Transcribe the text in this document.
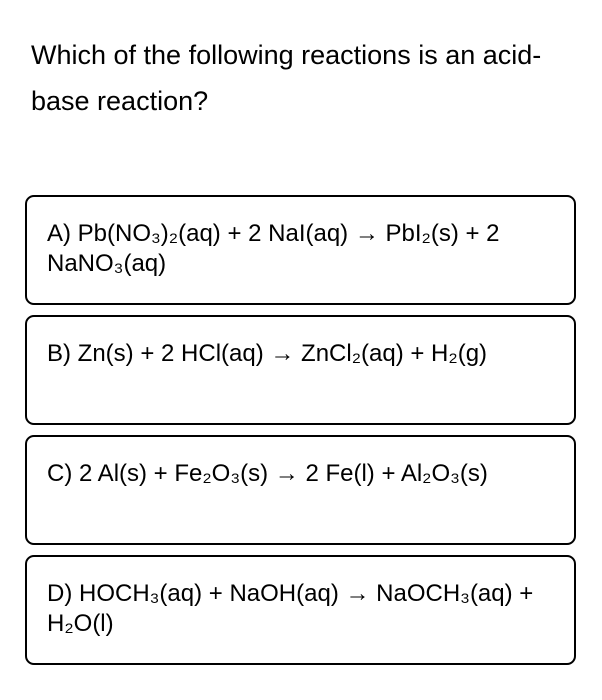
Which of the following reactions is an acid-base reaction?
A) Pb(NO₃)₂(aq) + 2 NaI(aq) → PbI₂(s) + 2 NaNO₃(aq)
B) Zn(s) + 2 HCl(aq) → ZnCl₂(aq) + H₂(g)
C) 2 Al(s) + Fe₂O₃(s) → 2 Fe(l) + Al₂O₃(s)
D) HOCH₃(aq) + NaOH(aq) → NaOCH₃(aq) + H₂O(l)
